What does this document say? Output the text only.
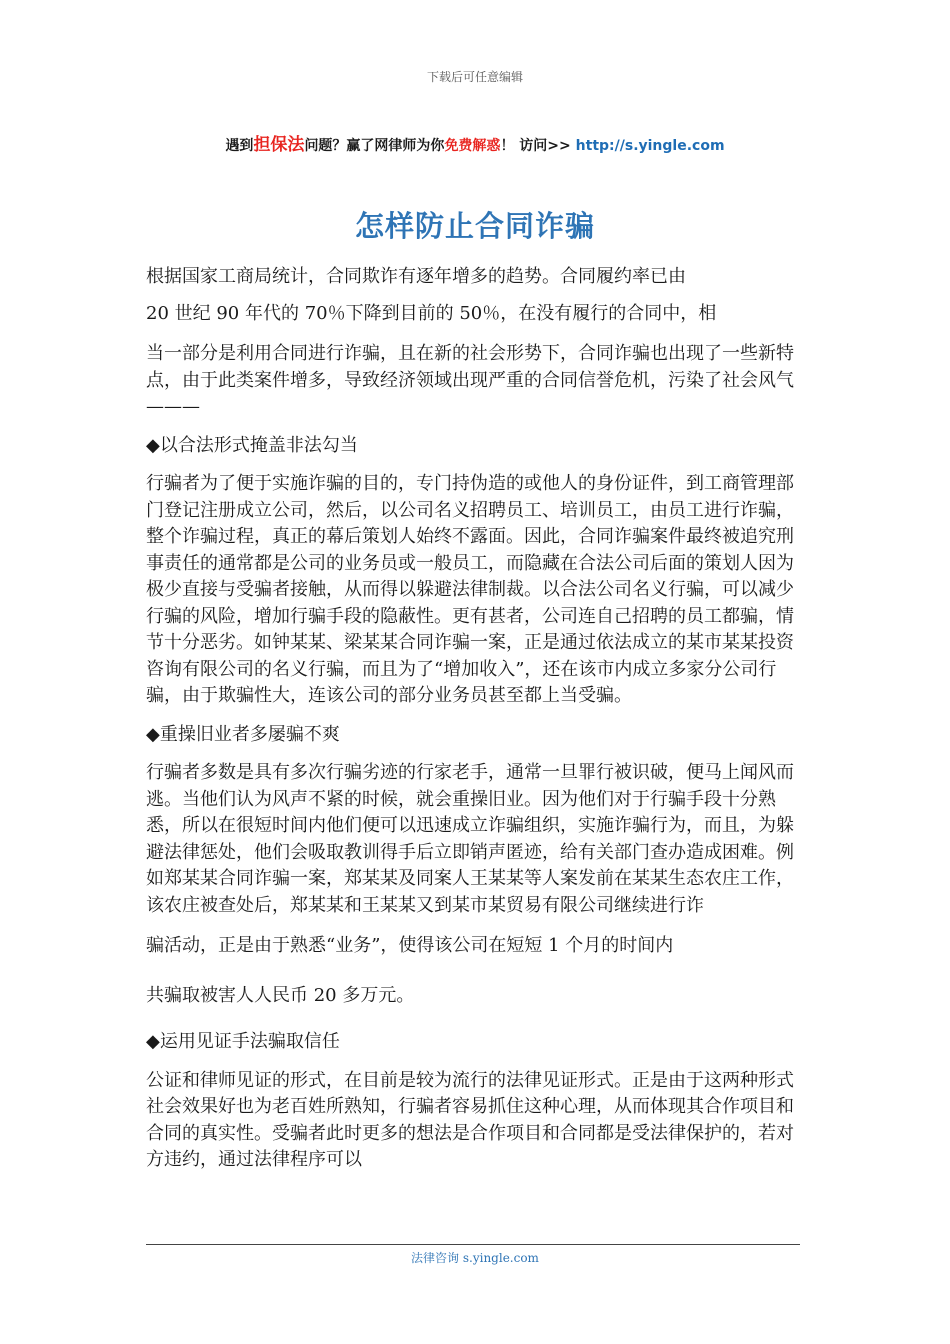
下载后可任意编辑
遇到担保法问题？赢了网律师为你免费解惑！ 访问>> http://s.yingle.com
怎样防止合同诈骗

根据国家工商局统计，合同欺诈有逐年增多的趋势。合同履约率已由
20 世纪 90 年代的 70％下降到目前的 50％，在没有履行的合同中，相

当一部分是利用合同进行诈骗，且在新的社会形势下，合同诈骗也出现了一些新特点，由于此类案件增多，导致经济领域出现严重的合同信誉危机，污染了社会风气———

◆以合法形式掩盖非法勾当

行骗者为了便于实施诈骗的目的，专门持伪造的或他人的身份证件，到工商管理部门登记注册成立公司，然后，以公司名义招聘员工、培训员工，由员工进行诈骗，整个诈骗过程，真正的幕后策划人始终不露面。因此，合同诈骗案件最终被追究刑事责任的通常都是公司的业务员或一般员工，而隐藏在合法公司后面的策划人因为极少直接与受骗者接触，从而得以躲避法律制裁。以合法公司名义行骗，可以减少行骗的风险，增加行骗手段的隐蔽性。更有甚者，公司连自己招聘的员工都骗，情节十分恶劣。如钟某某、梁某某合同诈骗一案，正是通过依法成立的某市某某投资咨询有限公司的名义行骗，而且为了“增加收入”，还在该市内成立多家分公司行骗，由于欺骗性大，连该公司的部分业务员甚至都上当受骗。

◆重操旧业者多屡骗不爽

行骗者多数是具有多次行骗劣迹的行家老手，通常一旦罪行被识破，便马上闻风而逃。当他们认为风声不紧的时候，就会重操旧业。因为他们对于行骗手段十分熟悉，所以在很短时间内他们便可以迅速成立诈骗组织，实施诈骗行为，而且，为躲避法律惩处，他们会吸取教训得手后立即销声匿迹，给有关部门查办造成困难。例如郑某某合同诈骗一案，郑某某及同案人王某某等人案发前在某某生态农庄工作，该农庄被查处后，郑某某和王某某又到某市某贸易有限公司继续进行诈

骗活动，正是由于熟悉“业务”，使得该公司在短短 1 个月的时间内

共骗取被害人人民币 20 多万元。

◆运用见证手法骗取信任

公证和律师见证的形式，在目前是较为流行的法律见证形式。正是由于这两种形式社会效果好也为老百姓所熟知，行骗者容易抓住这种心理，从而体现其合作项目和合同的真实性。受骗者此时更多的想法是合作项目和合同都是受法律保护的，若对方违约，通过法律程序可以

法律咨询 s.yingle.com
